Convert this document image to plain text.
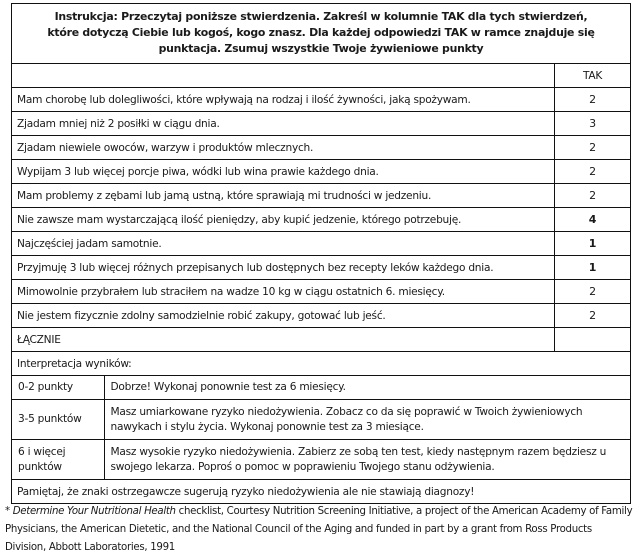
Instrukcja: Przeczytaj poniższe stwierdzenia. Zakreśl w kolumnie TAK dla tych stwierdzeń, które dotyczą Ciebie lub kogoś, kogo znasz. Dla każdej odpowiedzi TAK w ramce znajduje się punktacja. Zsumuj wszystkie Twoje żywieniowe punkty
	TAK
Mam chorobę lub dolegliwości, które wpływają na rodzaj i ilość żywności, jaką spożywam.	2
Zjadam mniej niż 2 posiłki w ciągu dnia.	3
Zjadam niewiele owoców, warzyw i produktów mlecznych.	2
Wypijam 3 lub więcej porcje piwa, wódki lub wina prawie każdego dnia.	2
Mam problemy z zębami lub jamą ustną, które sprawiają mi trudności w jedzeniu.	2
Nie zawsze mam wystarczającą ilość pieniędzy, aby kupić jedzenie, którego potrzebuję.	4
Najczęściej jadam samotnie.	1
Przyjmuję 3 lub więcej różnych przepisanych lub dostępnych bez recepty leków każdego dnia.	1
Mimowolnie przybrałem lub straciłem na wadze 10 kg w ciągu ostatnich 6. miesięcy.	2
Nie jestem fizycznie zdolny samodzielnie robić zakupy, gotować lub jeść.	2
ŁĄCZNIE	
Interpretacja wyników:

0-2 punkty	Dobrze! Wykonaj ponownie test za 6 miesięcy.
3-5 punktów	Masz umiarkowane ryzyko niedożywienia. Zobacz co da się poprawić w Twoich żywieniowych nawykach i stylu życia. Wykonaj ponownie test za 3 miesiące.
6 i więcej punktów	Masz wysokie ryzyko niedożywienia. Zabierz ze sobą ten test, kiedy następnym razem będziesz u swojego lekarza. Poproś o pomoc w poprawieniu Twojego stanu odżywienia.

Pamiętaj, że znaki ostrzegawcze sugerują ryzyko niedożywienia ale nie stawiają diagnozy!
* Determine Your Nutritional Health checklist, Courtesy Nutrition Screening Initiative, a project of the American Academy of Family Physicians, the American Dietetic, and the National Council of the Aging and funded in part by a grant from Ross Products Division, Abbott Laboratories, 1991
